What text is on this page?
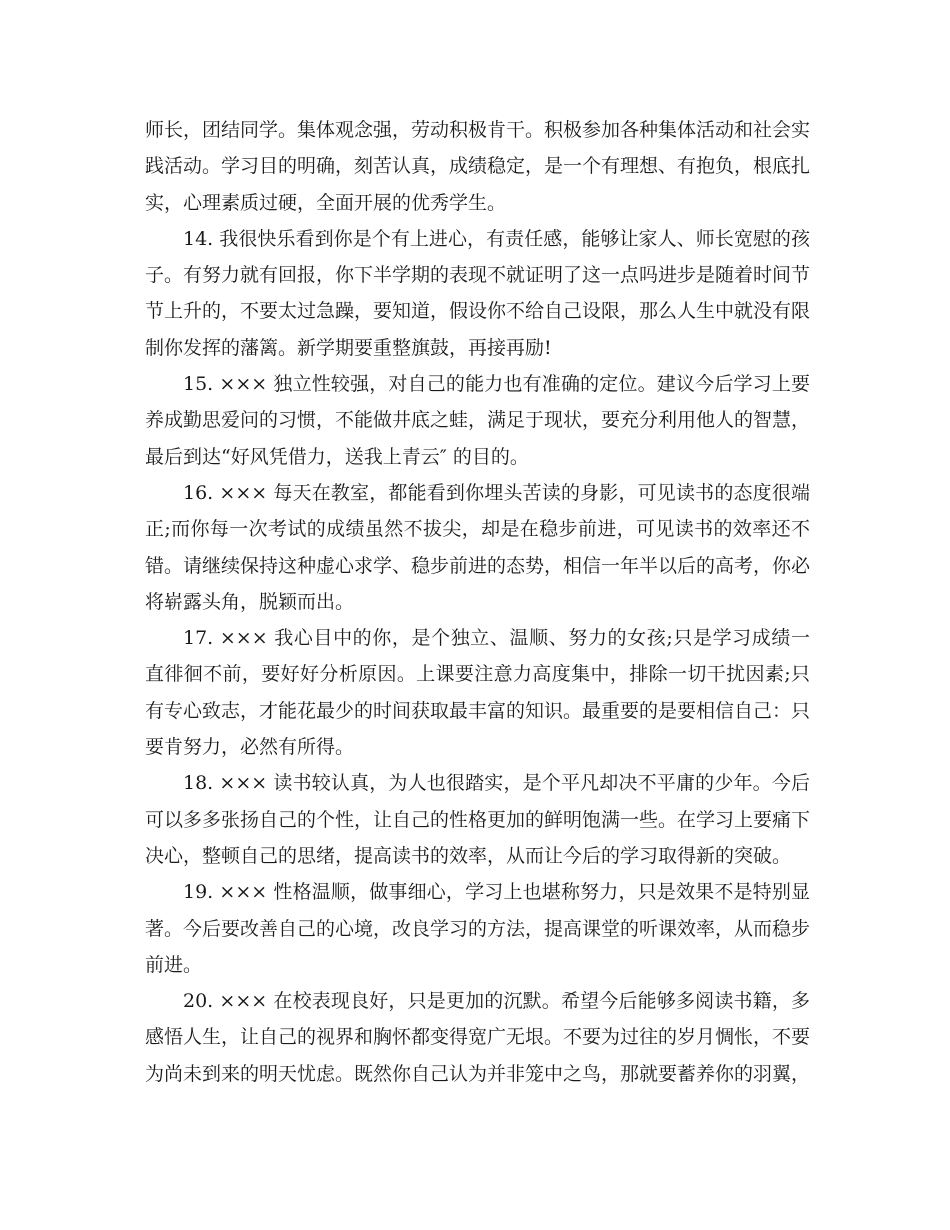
师长，团结同学。集体观念强，劳动积极肯干。积极参加各种集体活动和社会实践活动。学习目的明确，刻苦认真，成绩稳定，是一个有理想、有抱负，根底扎实，心理素质过硬，全面开展的优秀学生。

14. 我很快乐看到你是个有上进心，有责任感，能够让家人、师长宽慰的孩子。有努力就有回报，你下半学期的表现不就证明了这一点吗进步是随着时间节节上升的，不要太过急躁，要知道，假设你不给自己设限，那么人生中就没有限制你发挥的藩篱。新学期要重整旗鼓，再接再励!

15. ××× 独立性较强，对自己的能力也有准确的定位。建议今后学习上要养成勤思爱问的习惯，不能做井底之蛙，满足于现状，要充分利用他人的智慧，最后到达“好风凭借力，送我上青云″ 的目的。

16. ××× 每天在教室，都能看到你埋头苦读的身影，可见读书的态度很端正;而你每一次考试的成绩虽然不拔尖，却是在稳步前进，可见读书的效率还不错。请继续保持这种虚心求学、稳步前进的态势，相信一年半以后的高考，你必将崭露头角，脱颖而出。

17. ××× 我心目中的你，是个独立、温顺、努力的女孩;只是学习成绩一直徘徊不前，要好好分析原因。上课要注意力高度集中，排除一切干扰因素;只有专心致志，才能花最少的时间获取最丰富的知识。最重要的是要相信自己：只要肯努力，必然有所得。

18. ××× 读书较认真，为人也很踏实，是个平凡却决不平庸的少年。今后可以多多张扬自己的个性，让自己的性格更加的鲜明饱满一些。在学习上要痛下决心，整顿自己的思绪，提高读书的效率，从而让今后的学习取得新的突破。

19. ××× 性格温顺，做事细心，学习上也堪称努力，只是效果不是特别显著。今后要改善自己的心境，改良学习的方法，提高课堂的听课效率，从而稳步前进。

20. ××× 在校表现良好，只是更加的沉默。希望今后能够多阅读书籍，多感悟人生，让自己的视界和胸怀都变得宽广无垠。不要为过往的岁月惆怅，不要为尚未到来的明天忧虑。既然你自己认为并非笼中之鸟，那就要蓄养你的羽翼，
